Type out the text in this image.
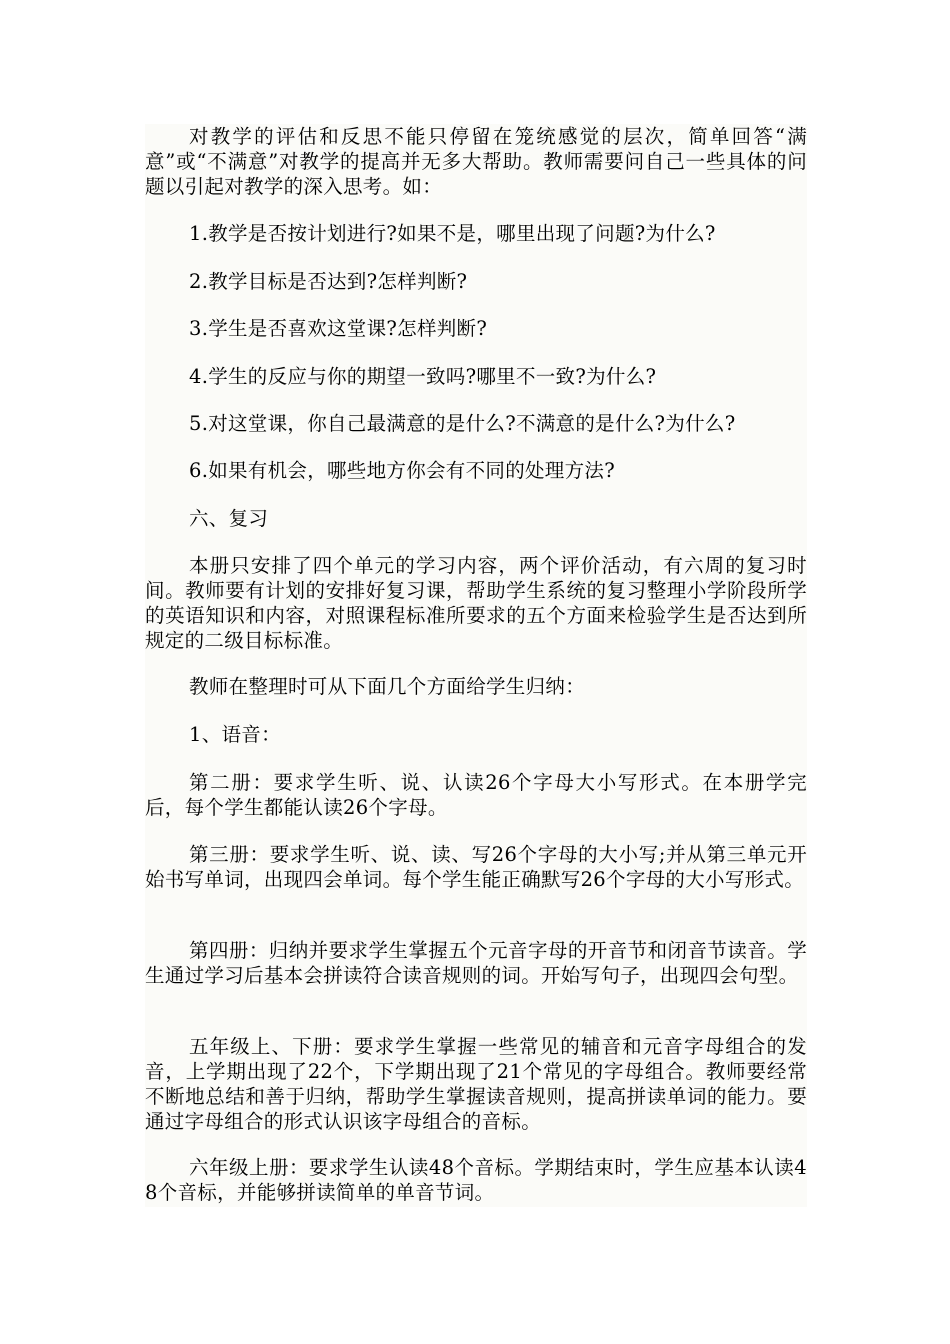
对教学的评估和反思不能只停留在笼统感觉的层次，简单回答“满意”或“不满意”对教学的提高并无多大帮助。教师需要问自己一些具体的问题以引起对教学的深入思考。如：

1.教学是否按计划进行?如果不是，哪里出现了问题?为什么?

2.教学目标是否达到?怎样判断?

3.学生是否喜欢这堂课?怎样判断?

4.学生的反应与你的期望一致吗?哪里不一致?为什么?

5.对这堂课，你自己最满意的是什么?不满意的是什么?为什么?

6.如果有机会，哪些地方你会有不同的处理方法?

六、复习

本册只安排了四个单元的学习内容，两个评价活动，有六周的复习时间。教师要有计划的安排好复习课，帮助学生系统的复习整理小学阶段所学的英语知识和内容，对照课程标准所要求的五个方面来检验学生是否达到所规定的二级目标标准。

教师在整理时可从下面几个方面给学生归纳：

1、语音：

第二册：要求学生听、说、认读26个字母大小写形式。在本册学完后，每个学生都能认读26个字母。

第三册：要求学生听、说、读、写26个字母的大小写;并从第三单元开始书写单词，出现四会单词。每个学生能正确默写26个字母的大小写形式。

第四册：归纳并要求学生掌握五个元音字母的开音节和闭音节读音。学生通过学习后基本会拼读符合读音规则的词。开始写句子，出现四会句型。

五年级上、下册：要求学生掌握一些常见的辅音和元音字母组合的发音，上学期出现了22个，下学期出现了21个常见的字母组合。教师要经常不断地总结和善于归纳，帮助学生掌握读音规则，提高拼读单词的能力。要通过字母组合的形式认识该字母组合的音标。

六年级上册：要求学生认读48个音标。学期结束时，学生应基本认读48个音标，并能够拼读简单的单音节词。
